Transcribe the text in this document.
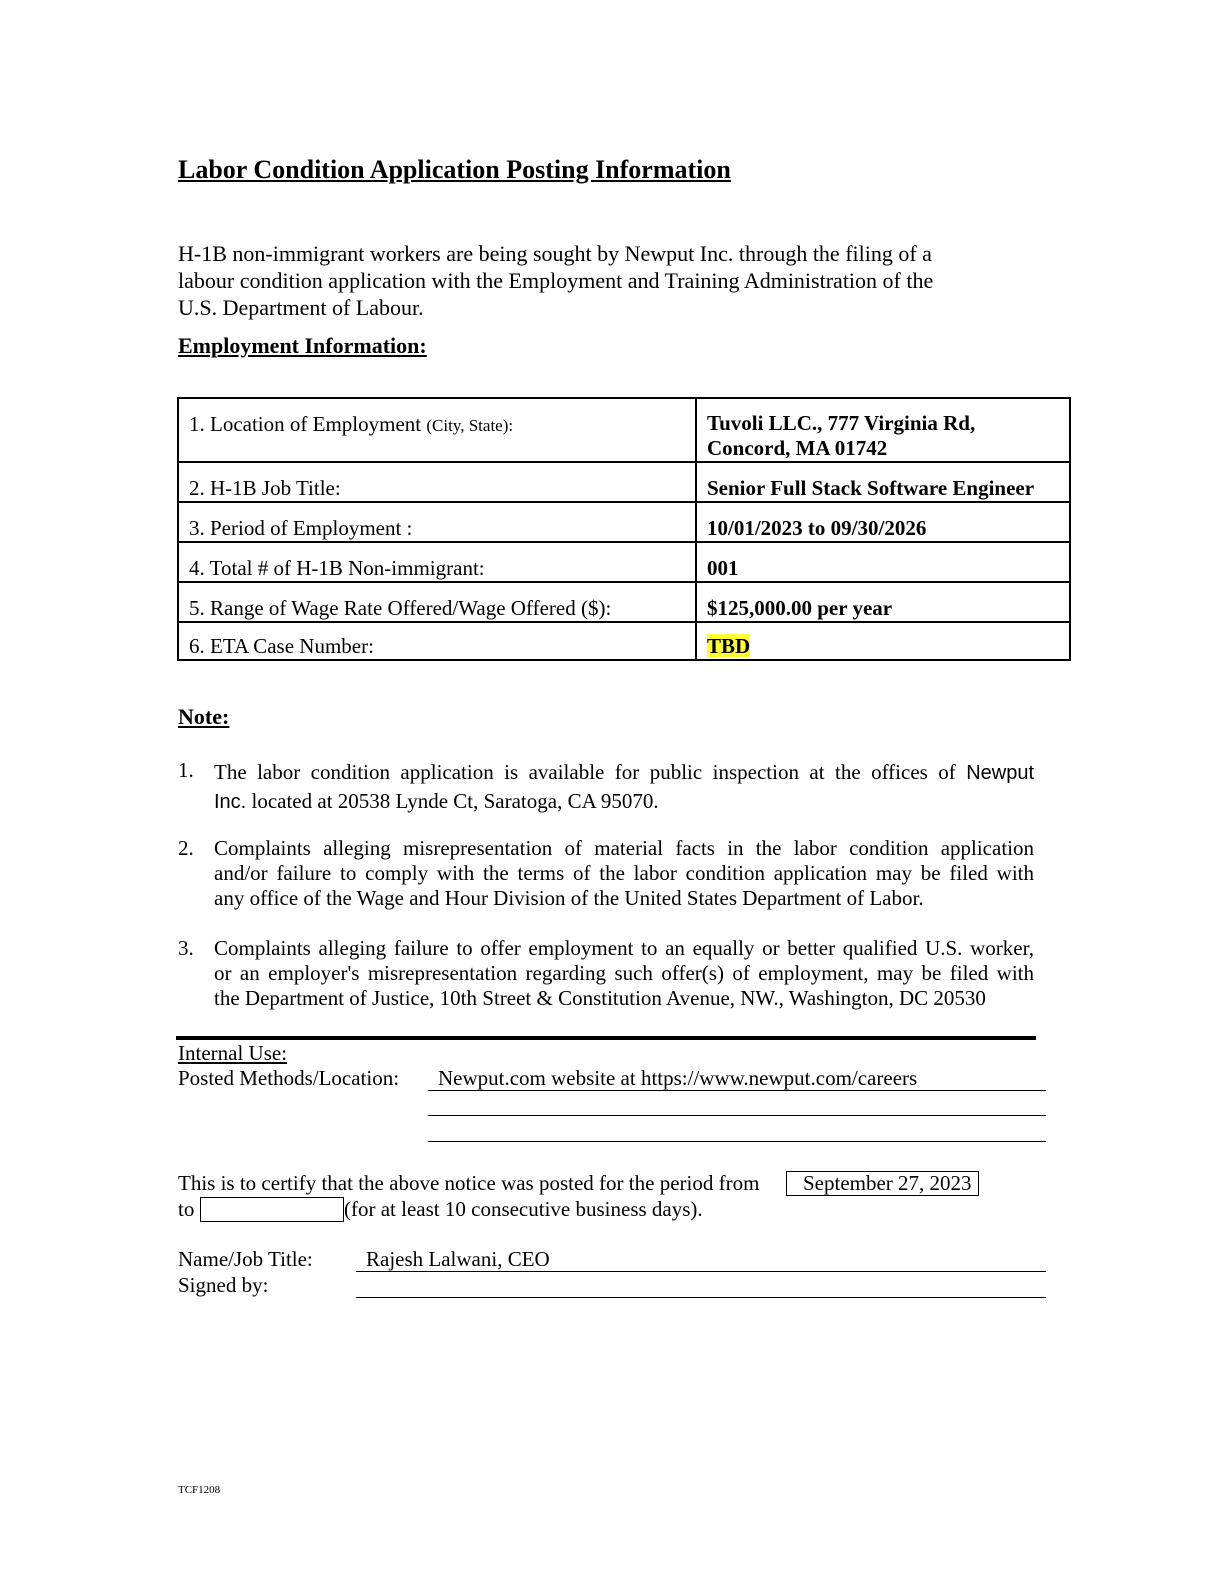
Labor Condition Application Posting Information
H-1B non-immigrant workers are being sought by Newput Inc. through the filing of a
labour condition application with the Employment and Training Administration of the
U.S. Department of Labour.
Employment Information:
1. Location of Employment (City, State):	Tuvoli LLC., 777 Virginia Rd,
Concord, MA 01742

2. H-1B Job Title:	Senior Full Stack Software Engineer
3. Period of Employment :	10/01/2023 to 09/30/2026
4. Total # of H-1B Non-immigrant:	001
5. Range of Wage Rate Offered/Wage Offered ($):	$125,000.00 per year
6. ETA Case Number:	TBD
Note:
1. The labor condition application is available for public inspection at the offices of Newput
Inc. located at 20538 Lynde Ct, Saratoga, CA 95070.
2. Complaints alleging misrepresentation of material facts in the labor condition application
and/or failure to comply with the terms of the labor condition application may be filed with
any office of the Wage and Hour Division of the United States Department of Labor.
3. Complaints alleging failure to offer employment to an equally or better qualified U.S. worker,
or an employer's misrepresentation regarding such offer(s) of employment, may be filed with
the Department of Justice, 10th Street & Constitution Avenue, NW., Washington, DC 20530
Internal Use:
Posted Methods/Location: Newput.com website at https://www.newput.com/careers
This is to certify that the above notice was posted for the period from	September 27, 2023
to	(for at least 10 consecutive business days).
Name/Job Title:	Rajesh Lalwani, CEO
Signed by:
TCF1208
